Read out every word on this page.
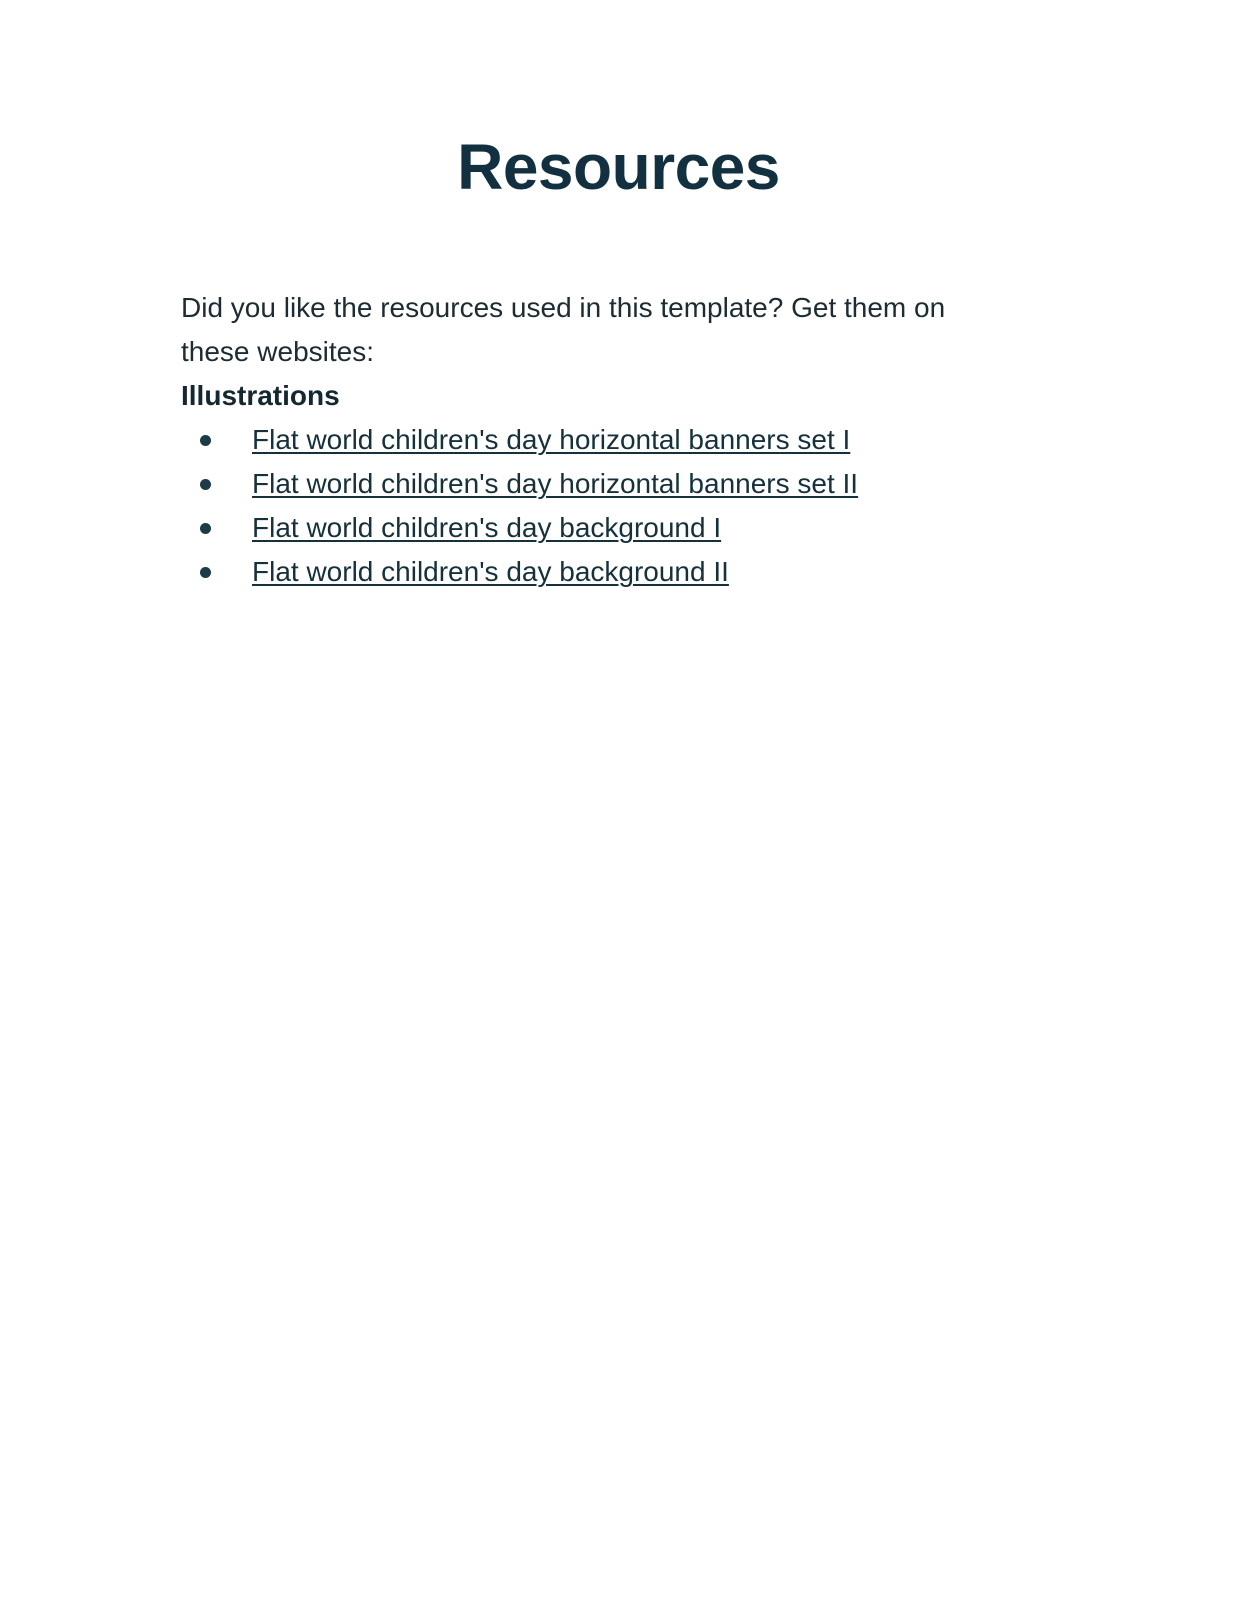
Resources

Did you like the resources used in this template? Get them on these websites:

Illustrations

Flat world children's day horizontal banners set I
Flat world children's day horizontal banners set II
Flat world children's day background I
Flat world children's day background II
